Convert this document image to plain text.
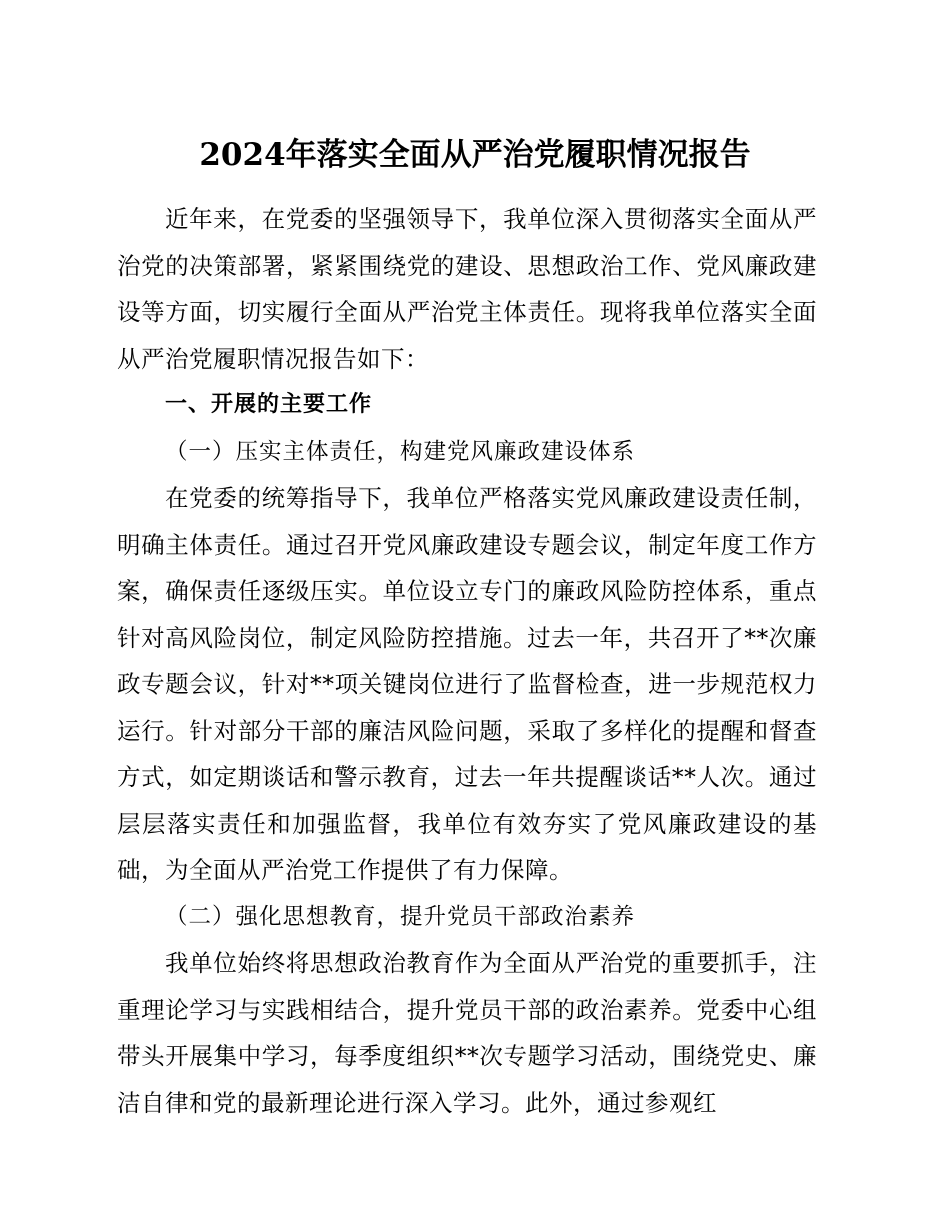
2024年落实全面从严治党履职情况报告

近年来，在党委的坚强领导下，我单位深入贯彻落实全面从严治党的决策部署，紧紧围绕党的建设、思想政治工作、党风廉政建设等方面，切实履行全面从严治党主体责任。现将我单位落实全面从严治党履职情况报告如下：

一、开展的主要工作

（一）压实主体责任，构建党风廉政建设体系

在党委的统筹指导下，我单位严格落实党风廉政建设责任制，明确主体责任。通过召开党风廉政建设专题会议，制定年度工作方案，确保责任逐级压实。单位设立专门的廉政风险防控体系，重点针对高风险岗位，制定风险防控措施。过去一年，共召开了**次廉政专题会议，针对**项关键岗位进行了监督检查，进一步规范权力运行。针对部分干部的廉洁风险问题，采取了多样化的提醒和督查方式，如定期谈话和警示教育，过去一年共提醒谈话**人次。通过层层落实责任和加强监督，我单位有效夯实了党风廉政建设的基础，为全面从严治党工作提供了有力保障。

（二）强化思想教育，提升党员干部政治素养

我单位始终将思想政治教育作为全面从严治党的重要抓手，注重理论学习与实践相结合，提升党员干部的政治素养。党委中心组带头开展集中学习，每季度组织**次专题学习活动，围绕党史、廉洁自律和党的最新理论进行深入学习。此外，通过参观红
